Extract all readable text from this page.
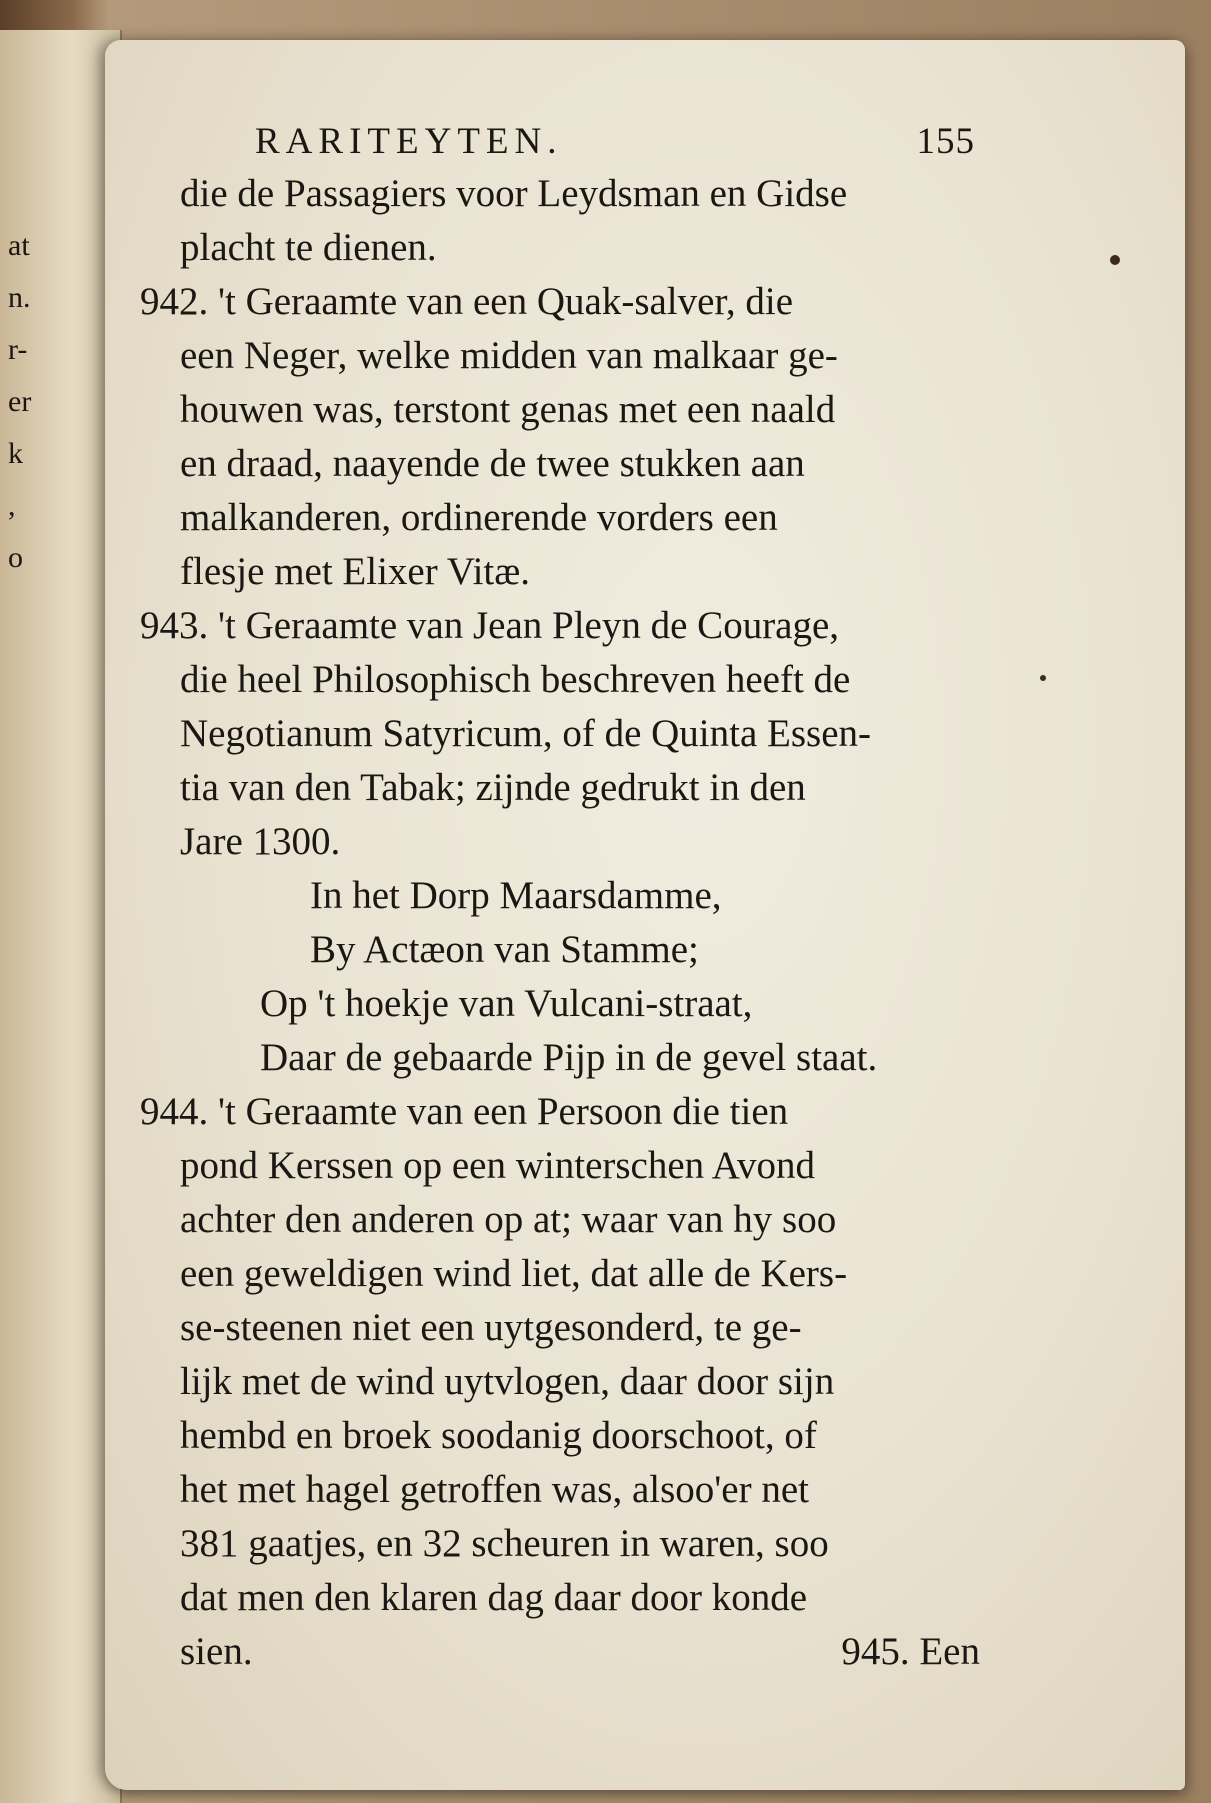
at
n.
r-
er
k
,
o
RARITEYTEN.	155
die de Passagiers voor Leydsman en Gidse
placht te dienen.
942. 't Geraamte van een Quak-salver, die
een Neger, welke midden van malkaar ge-
houwen was, terstont genas met een naald
en draad, naayende de twee stukken aan
malkanderen, ordinerende vorders een
flesje met Elixer Vitæ.
943. 't Geraamte van Jean Pleyn de Courage,
die heel Philosophisch beschreven heeft de
Negotianum Satyricum, of de Quinta Essen-
tia van den Tabak; zijnde gedrukt in den
Jare 1300.
In het Dorp Maarsdamme,
By Actæon van Stamme;
Op 't hoekje van Vulcani-straat,
Daar de gebaarde Pijp in de gevel staat.
944. 't Geraamte van een Persoon die tien
pond Kerssen op een winterschen Avond
achter den anderen op at; waar van hy soo
een geweldigen wind liet, dat alle de Kers-
se-steenen niet een uytgesonderd, te ge-
lijk met de wind uytvlogen, daar door sijn
hembd en broek soodanig doorschoot, of
het met hagel getroffen was, alsoo'er net
381 gaatjes, en 32 scheuren in waren, soo
dat men den klaren dag daar door konde
sien.	945. Een
